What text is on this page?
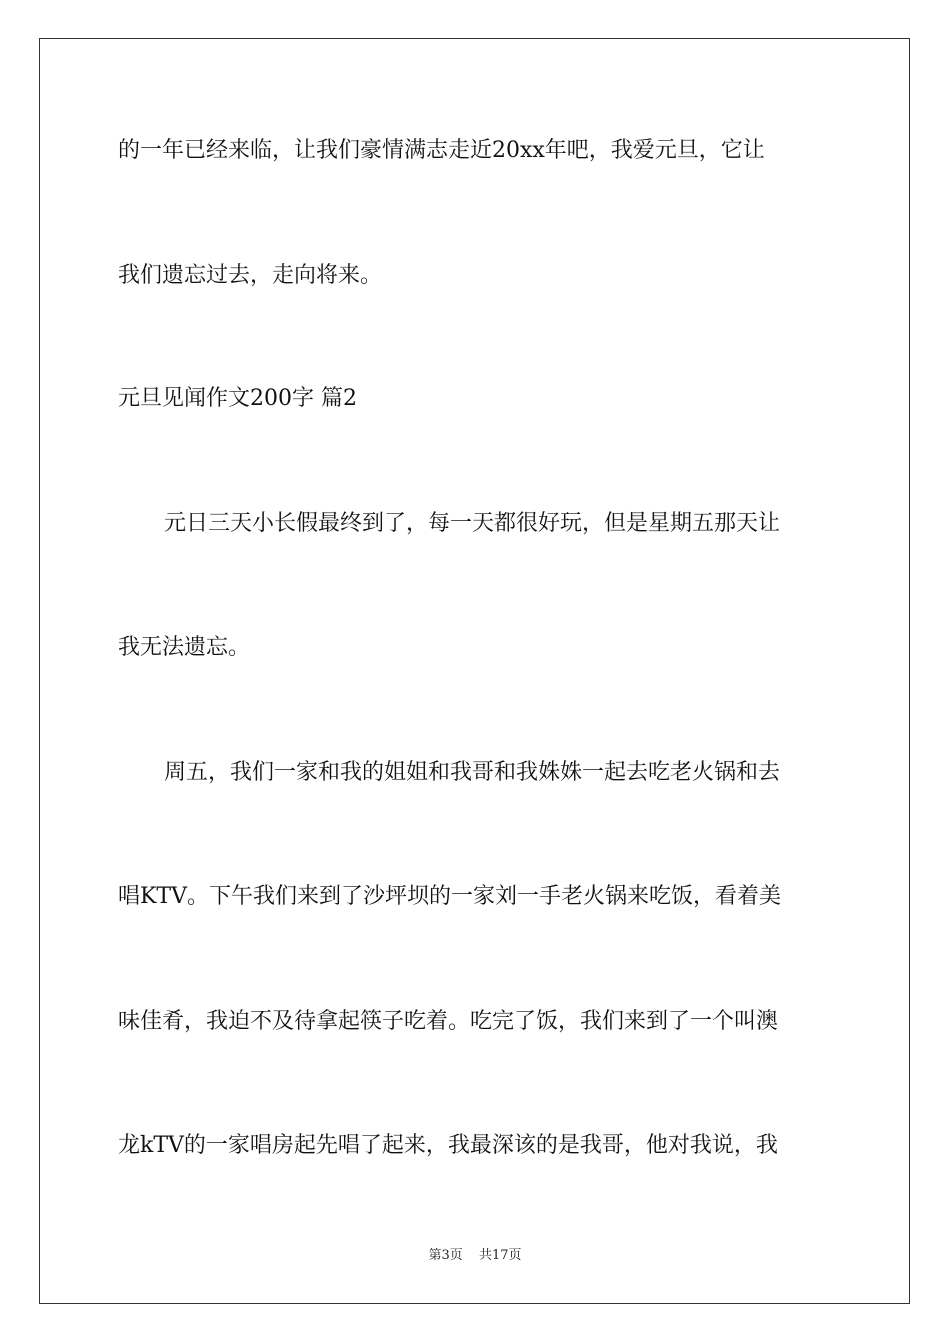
的一年已经来临，让我们豪情满志走近20xx年吧，我爱元旦，它让
我们遗忘过去，走向将来。
元旦见闻作文200字 篇2
元日三天小长假最终到了，每一天都很好玩，但是星期五那天让
我无法遗忘。
周五，我们一家和我的姐姐和我哥和我姝姝一起去吃老火锅和去
唱KTV。下午我们来到了沙坪坝的一家刘一手老火锅来吃饭，看着美
味佳肴，我迫不及待拿起筷子吃着。吃完了饭，我们来到了一个叫澳
龙kTV的一家唱房起先唱了起来，我最深该的是我哥，他对我说，我
第3页 共17页
